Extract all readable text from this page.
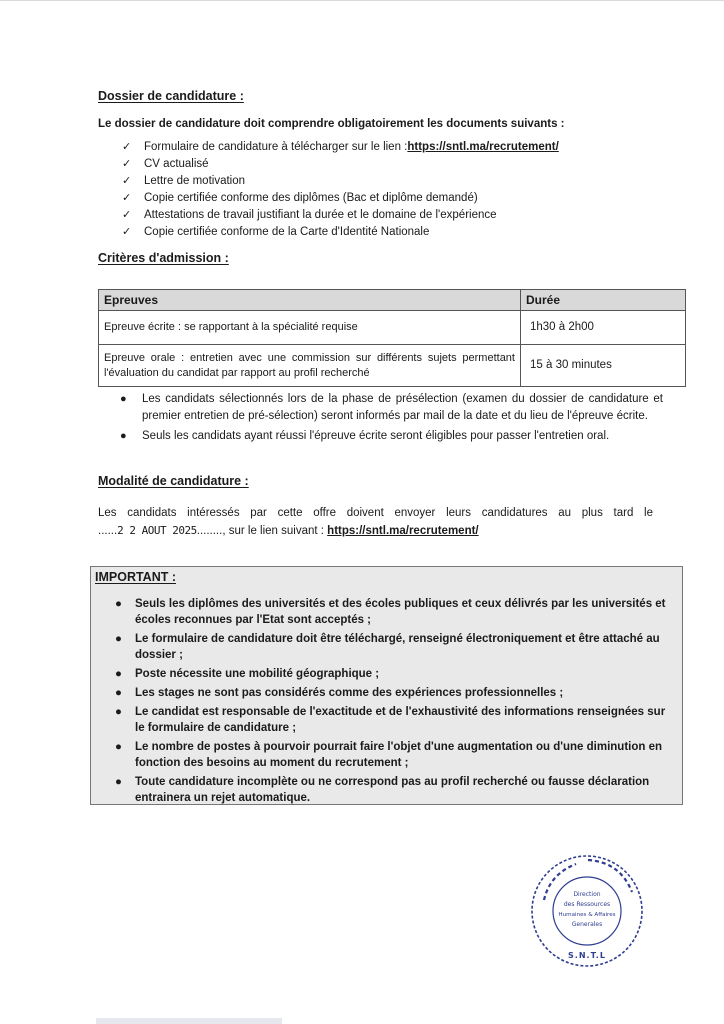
Dossier de candidature :
Le dossier de candidature doit comprendre obligatoirement les documents suivants :
✓	Formulaire de candidature à télécharger sur le lien : https://sntl.ma/recrutement/
✓	CV actualisé
✓	Lettre de motivation
✓	Copie certifiée conforme des diplômes (Bac et diplôme demandé)
✓	Attestations de travail justifiant la durée et le domaine de l'expérience
✓	Copie certifiée conforme de la Carte d'Identité Nationale
Critères d'admission :
Epreuves	Durée
Epreuve écrite : se rapportant à la spécialité requise	1h30 à 2h00
Epreuve orale : entretien avec une commission sur différents sujets permettant l'évaluation du candidat par rapport au profil recherché	15 à 30 minutes
● Les candidats sélectionnés lors de la phase de présélection (examen du dossier de candidature et premier entretien de pré-sélection) seront informés par mail de la date et du lieu de l'épreuve écrite.
● Seuls les candidats ayant réussi l'épreuve écrite seront éligibles pour passer l'entretien oral.
Modalité de candidature :
Les candidats intéressés par cette offre doivent envoyer leurs candidatures au plus tard le
......2 2 AOUT 2025........, sur le lien suivant : https://sntl.ma/recrutement/
IMPORTANT :
● Seuls les diplômes des universités et des écoles publiques et ceux délivrés par les universités et écoles reconnues par l'Etat sont acceptés ;
● Le formulaire de candidature doit être téléchargé, renseigné électroniquement et être attaché au dossier ;
● Poste nécessite une mobilité géographique ;
● Les stages ne sont pas considérés comme des expériences professionnelles ;
● Le candidat est responsable de l'exactitude et de l'exhaustivité des informations renseignées sur le formulaire de candidature ;
● Le nombre de postes à pourvoir pourrait faire l'objet d'une augmentation ou d'une diminution en fonction des besoins au moment du recrutement ;
● Toute candidature incomplète ou ne correspond pas au profil recherché ou fausse déclaration entrainera un rejet automatique.
Direction
des Ressources
Humaines & Affaires
Generales
S.N.T.L
